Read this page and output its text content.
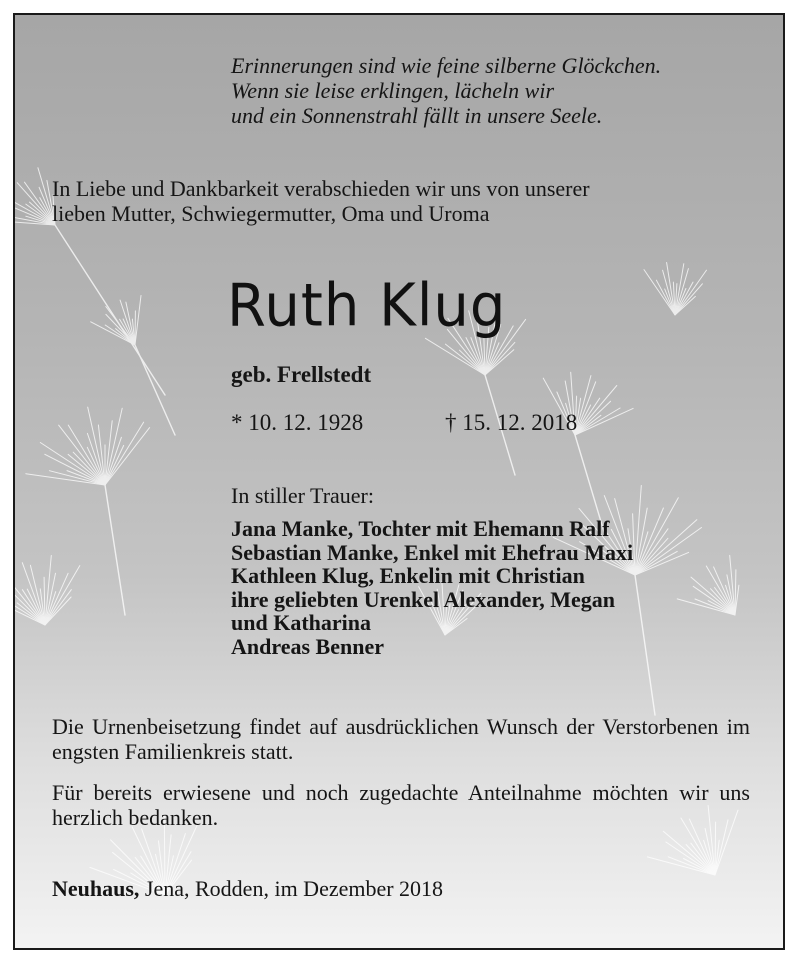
Erinnerungen sind wie feine silberne Glöckchen.
Wenn sie leise erklingen, lächeln wir
und ein Sonnenstrahl fällt in unsere Seele.
In Liebe und Dankbarkeit verabschieden wir uns von unserer
lieben Mutter, Schwiegermutter, Oma und Uroma
Ruth Klug
geb. Frellstedt
* 10. 12. 1928	† 15. 12. 2018
In stiller Trauer:
Jana Manke, Tochter mit Ehemann Ralf
Sebastian Manke, Enkel mit Ehefrau Maxi
Kathleen Klug, Enkelin mit Christian
ihre geliebten Urenkel Alexander, Megan
und Katharina
Andreas Benner
Die Urnenbeisetzung findet auf ausdrücklichen Wunsch der Verstorbenen im engsten Familienkreis statt.
Für bereits erwiesene und noch zugedachte Anteilnahme möchten wir uns herzlich bedanken.
Neuhaus, Jena, Rodden, im Dezember 2018
